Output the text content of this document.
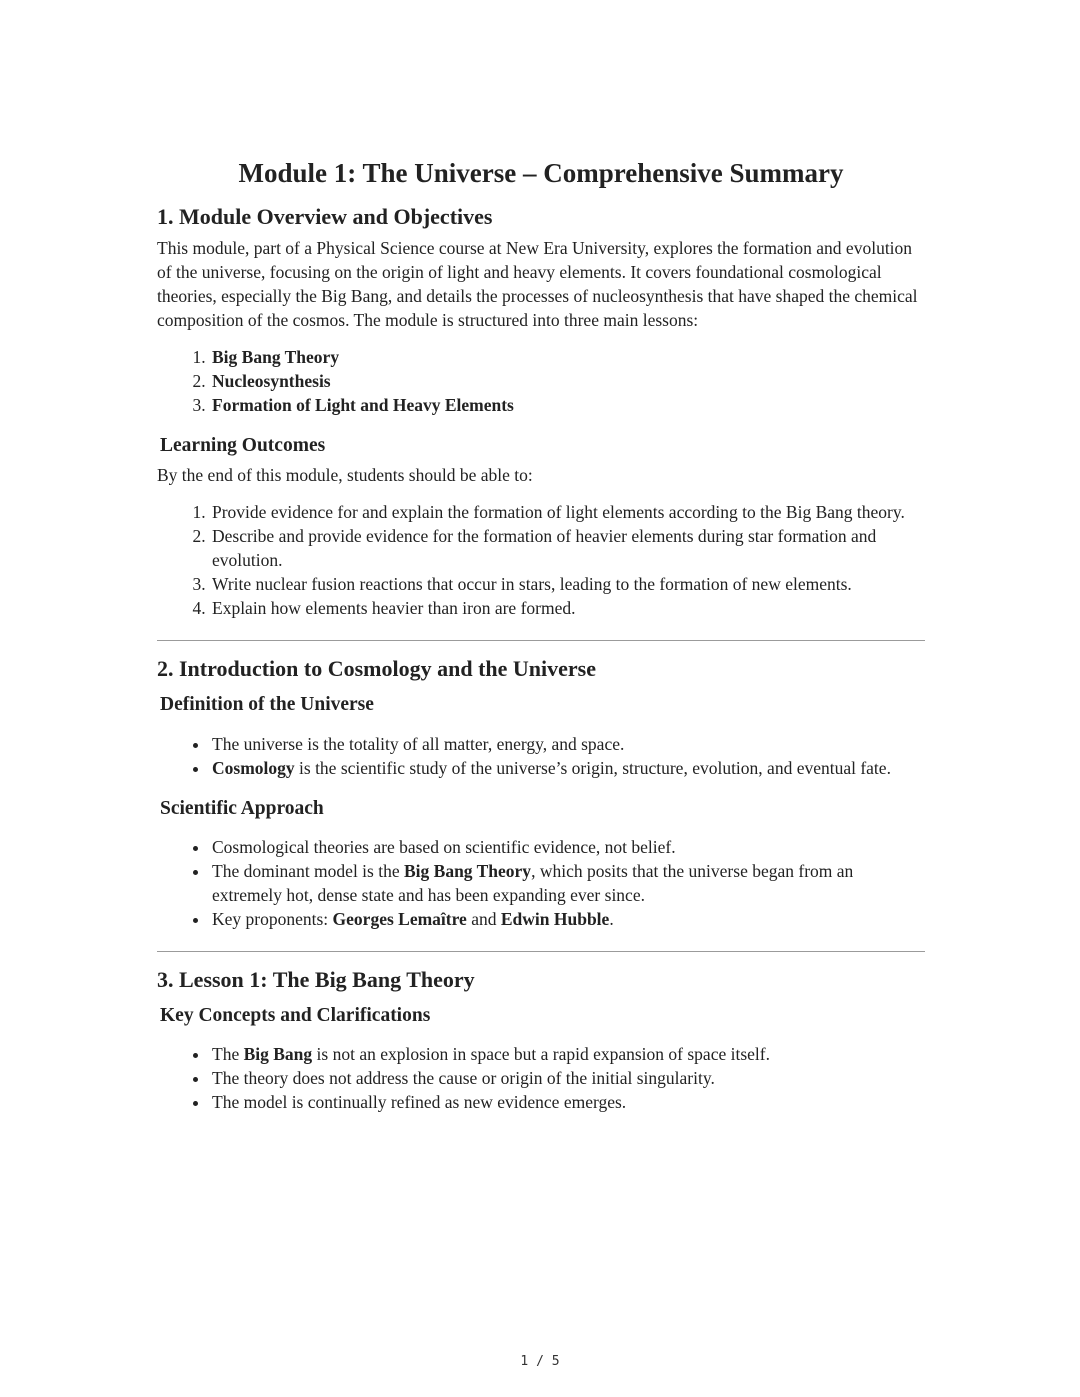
Module 1: The Universe – Comprehensive Summary
1. Module Overview and Objectives

This module, part of a Physical Science course at New Era University, explores the formation and evolution of the universe, focusing on the origin of light and heavy elements. It covers foundational cosmological theories, especially the Big Bang, and details the processes of nucleosynthesis that have shaped the chemical composition of the cosmos. The module is structured into three main lessons:

1. Big Bang Theory
2. Nucleosynthesis
3. Formation of Light and Heavy Elements
Learning Outcomes

By the end of this module, students should be able to:

1. Provide evidence for and explain the formation of light elements according to the Big Bang theory.
2. Describe and provide evidence for the formation of heavier elements during star formation and evolution.
3. Write nuclear fusion reactions that occur in stars, leading to the formation of new elements.
4. Explain how elements heavier than iron are formed.
2. Introduction to Cosmology and the Universe
Definition of the Universe
• The universe is the totality of all matter, energy, and space.
• Cosmology is the scientific study of the universe’s origin, structure, evolution, and eventual fate.
Scientific Approach
• Cosmological theories are based on scientific evidence, not belief.
• The dominant model is the Big Bang Theory, which posits that the universe began from an extremely hot, dense state and has been expanding ever since.
• Key proponents: Georges Lemaître and Edwin Hubble.
3. Lesson 1: The Big Bang Theory
Key Concepts and Clarifications
• The Big Bang is not an explosion in space but a rapid expansion of space itself.
• The theory does not address the cause or origin of the initial singularity.
• The model is continually refined as new evidence emerges.
1 / 5
